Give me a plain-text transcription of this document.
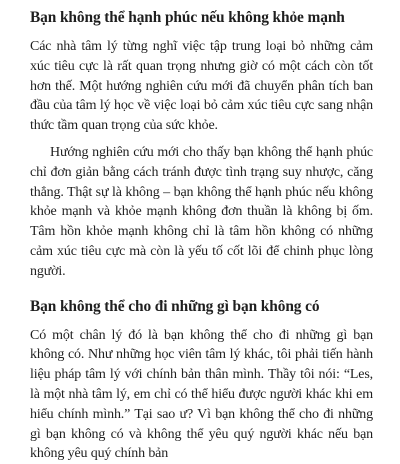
Bạn không thể hạnh phúc nếu không khỏe mạnh

Các nhà tâm lý từng nghĩ việc tập trung loại bỏ những cảm xúc tiêu cực là rất quan trọng nhưng giờ có một cách còn tốt hơn thế. Một hướng nghiên cứu mới đã chuyển phân tích ban đầu của tâm lý học về việc loại bỏ cảm xúc tiêu cực sang nhận thức tầm quan trọng của sức khỏe.

Hướng nghiên cứu mới cho thấy bạn không thể hạnh phúc chỉ đơn giản bằng cách tránh được tình trạng suy nhược, căng thẳng. Thật sự là không – bạn không thể hạnh phúc nếu không khỏe mạnh và khỏe mạnh không đơn thuần là không bị ốm. Tâm hồn khỏe mạnh không chỉ là tâm hồn không có những cảm xúc tiêu cực mà còn là yếu tố cốt lõi để chinh phục lòng người.

Bạn không thể cho đi những gì bạn không có

Có một chân lý đó là bạn không thể cho đi những gì bạn không có. Như những học viên tâm lý khác, tôi phải tiến hành liệu pháp tâm lý với chính bản thân mình. Thầy tôi nói: “Les, là một nhà tâm lý, em chỉ có thể hiểu được người khác khi em hiểu chính mình.” Tại sao ư? Vì bạn không thể cho đi những gì bạn không có và không thể yêu quý người khác nếu bạn không yêu quý chính bản
